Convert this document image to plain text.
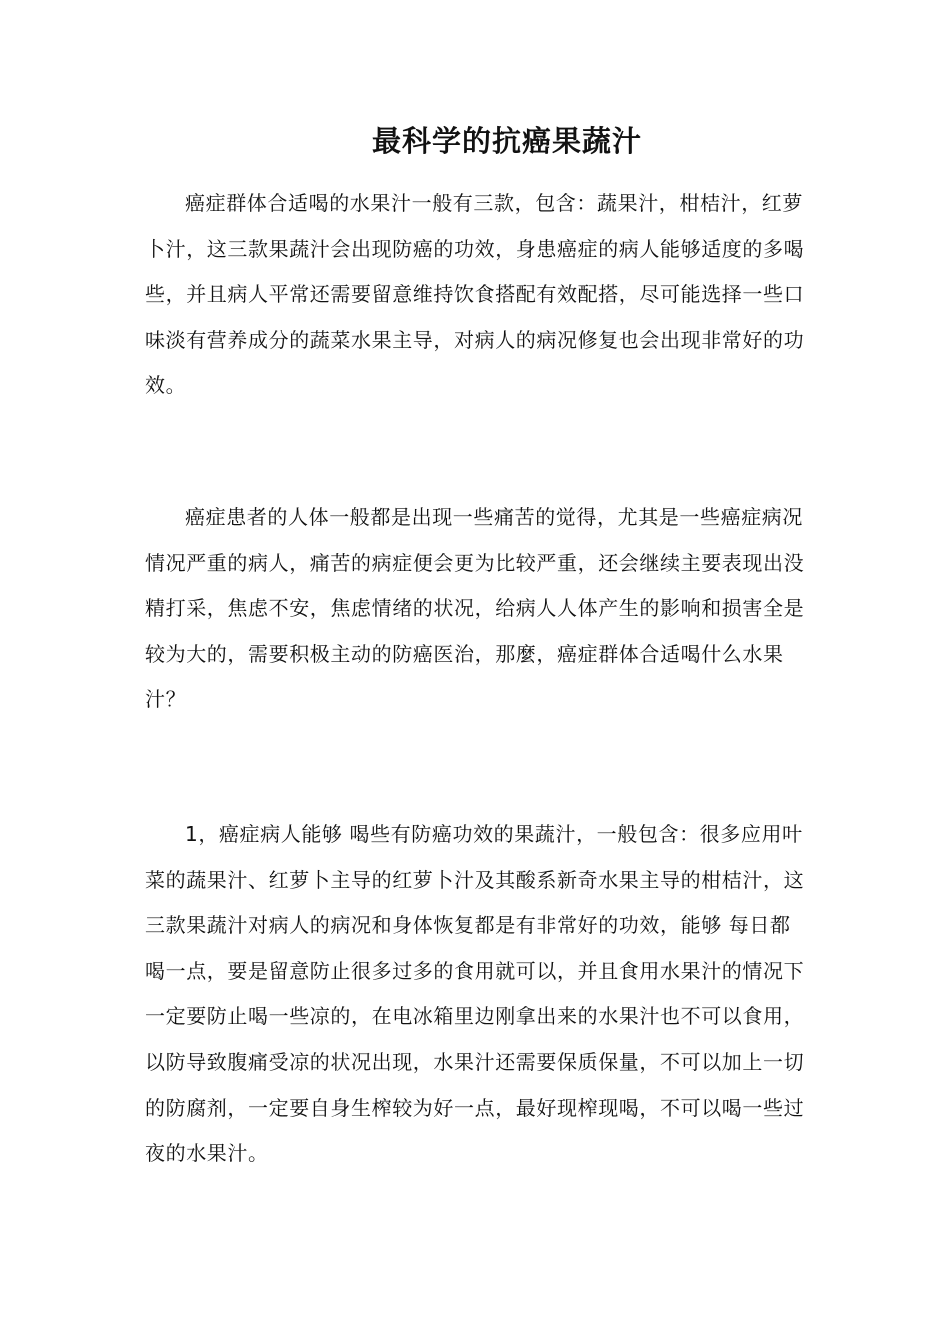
最科学的抗癌果蔬汁

癌症群体合适喝的水果汁一般有三款，包含：蔬果汁，柑桔汁，红萝卜汁，这三款果蔬汁会出现防癌的功效，身患癌症的病人能够适度的多喝些，并且病人平常还需要留意维持饮食搭配有效配搭，尽可能选择一些口味淡有营养成分的蔬菜水果主导，对病人的病况修复也会出现非常好的功效。

癌症患者的人体一般都是出现一些痛苦的觉得，尤其是一些癌症病况情况严重的病人，痛苦的病症便会更为比较严重，还会继续主要表现出没精打采，焦虑不安，焦虑情绪的状况，给病人人体产生的影响和损害全是较为大的，需要积极主动的防癌医治，那麼，癌症群体合适喝什么水果汁？

1，癌症病人能够 喝些有防癌功效的果蔬汁，一般包含：很多应用叶菜的蔬果汁、红萝卜主导的红萝卜汁及其酸系新奇水果主导的柑桔汁，这三款果蔬汁对病人的病况和身体恢复都是有非常好的功效，能够 每日都喝一点，要是留意防止很多过多的食用就可以，并且食用水果汁的情况下一定要防止喝一些凉的，在电冰箱里边刚拿出来的水果汁也不可以食用，以防导致腹痛受凉的状况出现，水果汁还需要保质保量，不可以加上一切的防腐剂，一定要自身生榨较为好一点，最好现榨现喝，不可以喝一些过夜的水果汁。
